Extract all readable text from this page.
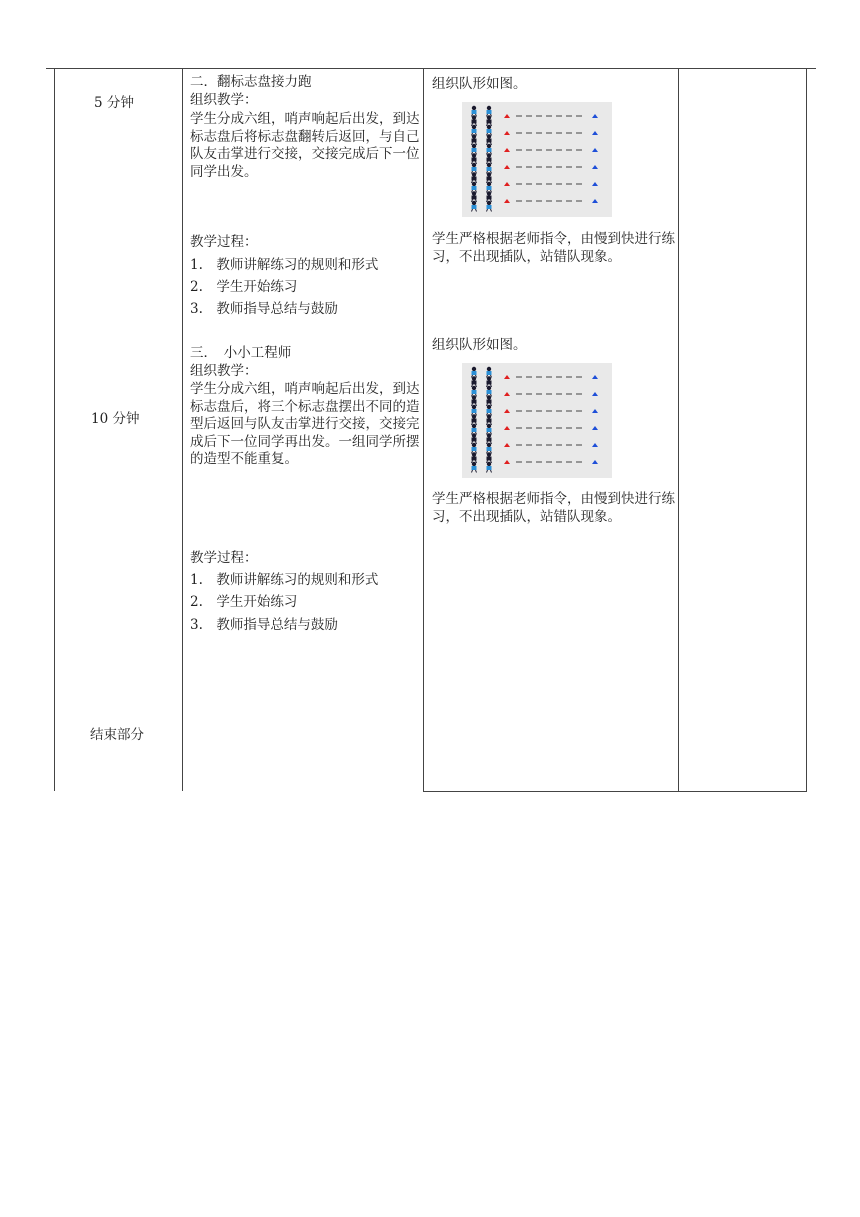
5 分钟
10 分钟
结束部分
二．翻标志盘接力跑
组织教学：
学生分成六组，哨声响起后出发，到达标志盘后将标志盘翻转后返回，与自己队友击掌进行交接，交接完成后下一位同学出发。
教学过程：
1.　教师讲解练习的规则和形式
2.　学生开始练习
3.　教师指导总结与鼓励
三．　小小工程师
组织教学：
学生分成六组，哨声响起后出发，到达标志盘后，将三个标志盘摆出不同的造型后返回与队友击掌进行交接，交接完成后下一位同学再出发。一组同学所摆的造型不能重复。
教学过程：
1.　教师讲解练习的规则和形式
2.　学生开始练习
3.　教师指导总结与鼓励
组织队形如图。
学生严格根据老师指令，由慢到快进行练习，不出现插队，站错队现象。
组织队形如图。
学生严格根据老师指令，由慢到快进行练习，不出现插队，站错队现象。
